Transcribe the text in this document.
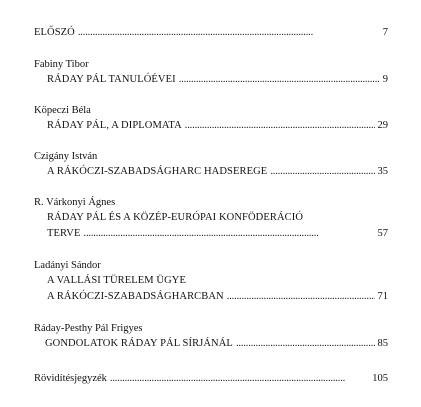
ELŐSZÓ . . .	7
Fabiny Tibor
RÁDAY PÁL TANULÓÉVEI . . .	9
Köpeczi Béla
RÁDAY PÁL, A DIPLOMATA . . .	29
Czigány István
A RÁKÓCZI-SZABADSÁGHARC HADSEREGE . . .	35
R. Várkonyi Ágnes
RÁDAY PÁL ÉS A KÖZÉP-EURÓPAI KONFÖDERÁCIÓ
TERVE . . .	57
Ladányi Sándor
A VALLÁSI TÜRELEM ÜGYE
A RÁKÓCZI-SZABADSÁGHARCBAN . . .	71
Ráday-Pesthy Pál Frigyes
GONDOLATOK RÁDAY PÁL SÍRJÁNÁL . . .	85
Rövidítésjegyzék . . .	105
